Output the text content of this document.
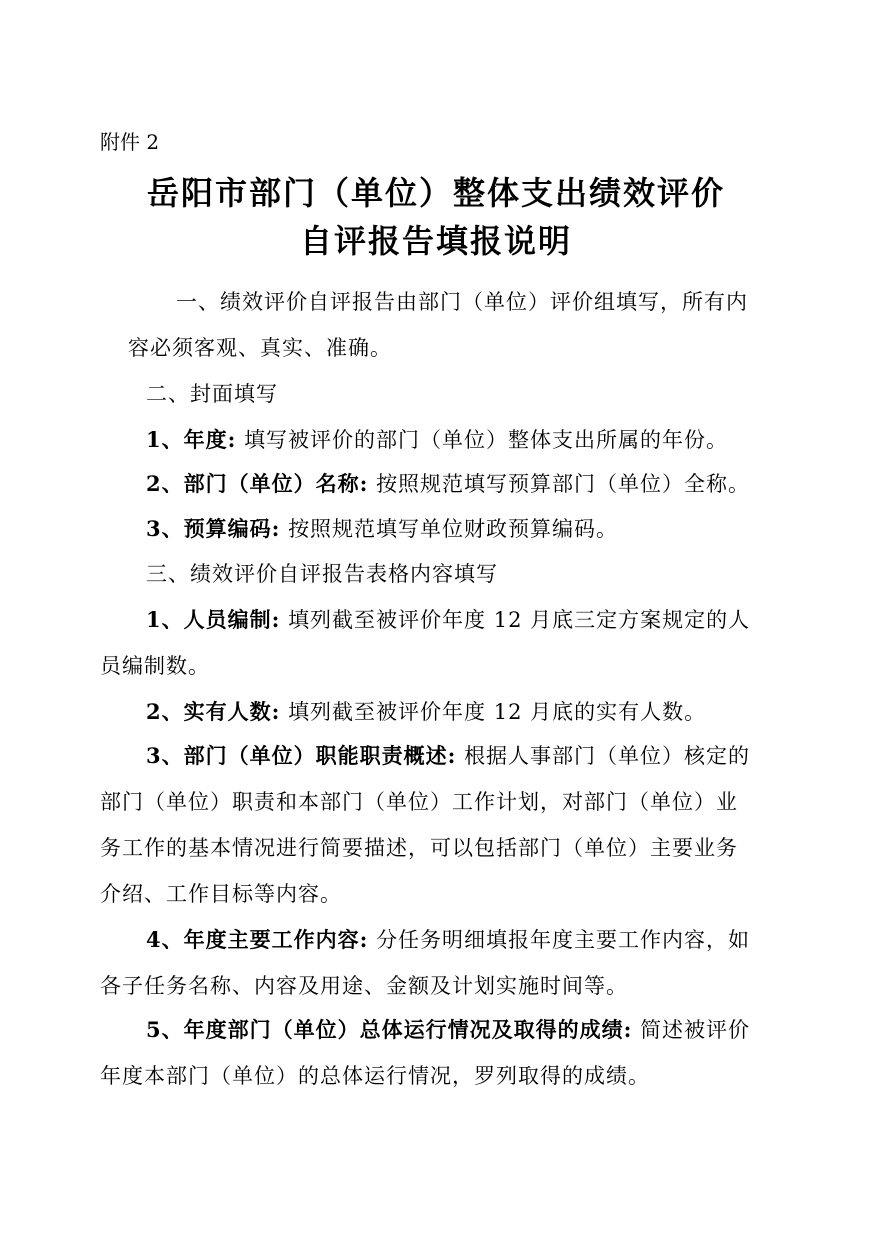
附件 2
岳阳市部门（单位）整体支出绩效评价
自评报告填报说明
一、绩效评价自评报告由部门（单位）评价组填写，所有内
容必须客观、真实、准确。
二、封面填写
1、年度: 填写被评价的部门（单位）整体支出所属的年份。
2、部门（单位）名称: 按照规范填写预算部门（单位）全称。
3、预算编码: 按照规范填写单位财政预算编码。
三、绩效评价自评报告表格内容填写
1、人员编制: 填列截至被评价年度 12 月底三定方案规定的人
员编制数。
2、实有人数: 填列截至被评价年度 12 月底的实有人数。
3、部门（单位）职能职责概述: 根据人事部门（单位）核定的
部门（单位）职责和本部门（单位）工作计划，对部门（单位）业
务工作的基本情况进行简要描述，可以包括部门（单位）主要业务
介绍、工作目标等内容。
4、年度主要工作内容: 分任务明细填报年度主要工作内容，如
各子任务名称、内容及用途、金额及计划实施时间等。
5、年度部门（单位）总体运行情况及取得的成绩: 简述被评价
年度本部门（单位）的总体运行情况，罗列取得的成绩。
